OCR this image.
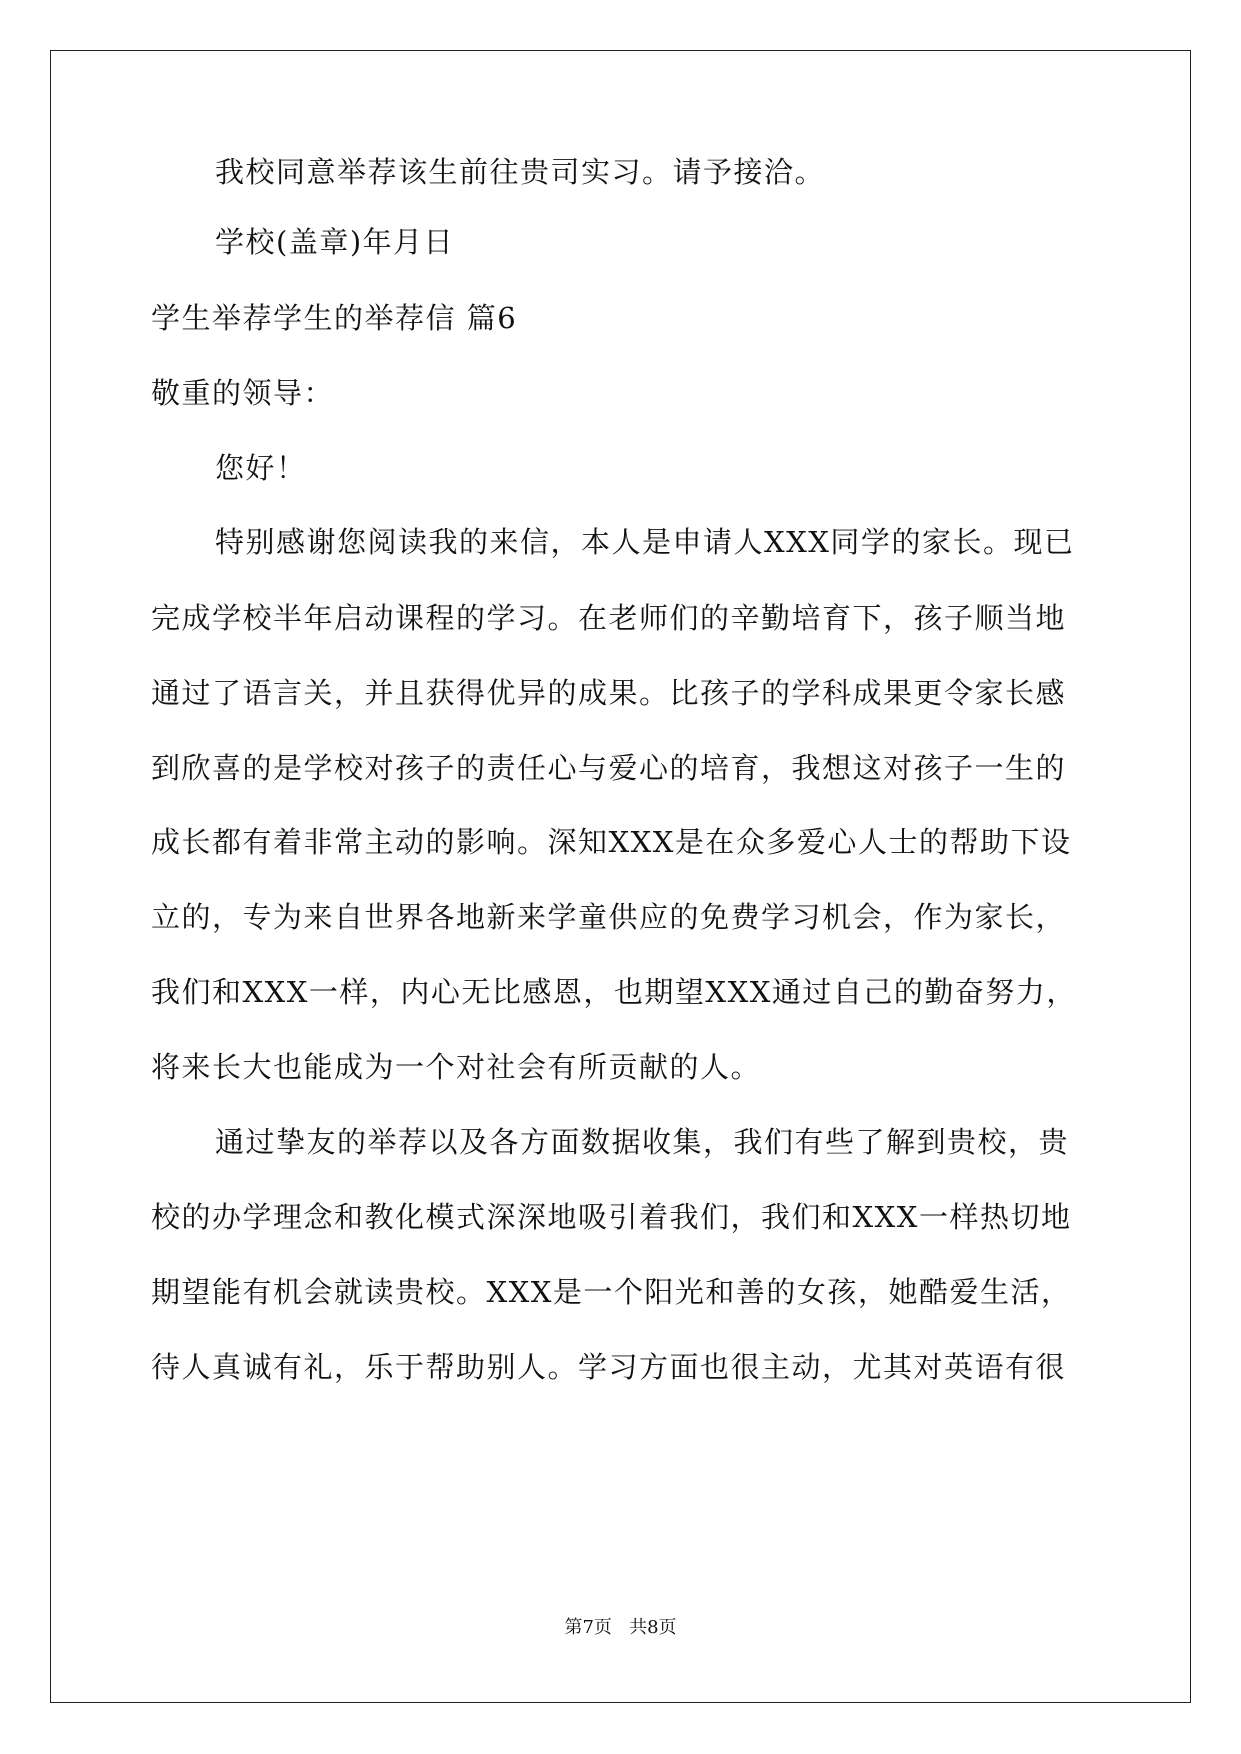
我校同意举荐该生前往贵司实习。请予接洽。
学校(盖章)年月日
学生举荐学生的举荐信 篇6
敬重的领导：
您好！
特别感谢您阅读我的来信，本人是申请人XXX同学的家长。现已
完成学校半年启动课程的学习。在老师们的辛勤培育下，孩子顺当地
通过了语言关，并且获得优异的成果。比孩子的学科成果更令家长感
到欣喜的是学校对孩子的责任心与爱心的培育，我想这对孩子一生的
成长都有着非常主动的影响。深知XXX是在众多爱心人士的帮助下设
立的，专为来自世界各地新来学童供应的免费学习机会，作为家长，
我们和XXX一样，内心无比感恩，也期望XXX通过自己的勤奋努力，
将来长大也能成为一个对社会有所贡献的人。
通过挚友的举荐以及各方面数据收集，我们有些了解到贵校，贵
校的办学理念和教化模式深深地吸引着我们，我们和XXX一样热切地
期望能有机会就读贵校。XXX是一个阳光和善的女孩，她酷爱生活，
待人真诚有礼，乐于帮助别人。学习方面也很主动，尤其对英语有很
第7页   共8页
